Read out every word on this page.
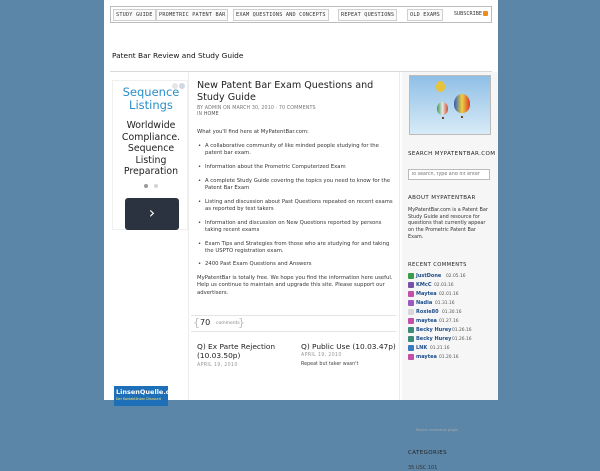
STUDY GUIDE	PROMETRIC PATENT BAR	EXAM QUESTIONS AND CONCEPTS	REPEAT QUESTIONS	OLD EXAMS	SUBSCRIBE
Patent Bar Review and Study Guide
Sequence Listings
Worldwide Compliance. Sequence Listing Preparation
›
LinsenQuelle.de
Der Kontaktlinsen Discount
New Patent Bar Exam Questions and Study Guide
BY ADMIN ON MARCH 30, 2010 · 70 COMMENTS
IN HOME

What you'll find here at MyPatentBar.com:

• A collaborative community of like minded people studying for the patent bar exam.
• Information about the Prometric Computerized Exam
• A complete Study Guide covering the topics you need to know for the Patent Bar Exam
• Listing and discussion about Past Questions repeated on recent exams as reported by test takers
• Information and discussion on New Questions reported by persons taking recent exams
• Exam Tips and Strategies from those who are studying for and taking the USPTO registration exam.
• 2400 Past Exam Questions and Answers

MyPatentBar is totally free. We hope you find the information here useful. Help us continue to maintain and upgrade this site. Please support our advertisers.

{ 70 comments
}
Q) Ex Parte Rejection (10.03.50p)
APRIL 19, 2010
Q) Public Use (10.03.47p)
APRIL 19, 2010
Repeat but taker wasn't
SEARCH MYPATENTBAR.COM
To search, type and hit enter
ABOUT MYPATENTBAR
MyPatentBar.com is a Patent Bar Study Guide and resource for questions that currently appear on the Prometric Patent Bar Exam.
RECENT COMMENTS
JustDone 02.05.16
KMcC 02.03.16
Maytea 02.01.16
Nadia 01.31.16
Roxie80 01.30.16
maytea 01.27.16
Becky Hurey 01.26.16
Becky Hurey 01.26.16
LNK 01.21.16
maytea 01.20.16
Recent comments plugin
CATEGORIES
35 USC 101
